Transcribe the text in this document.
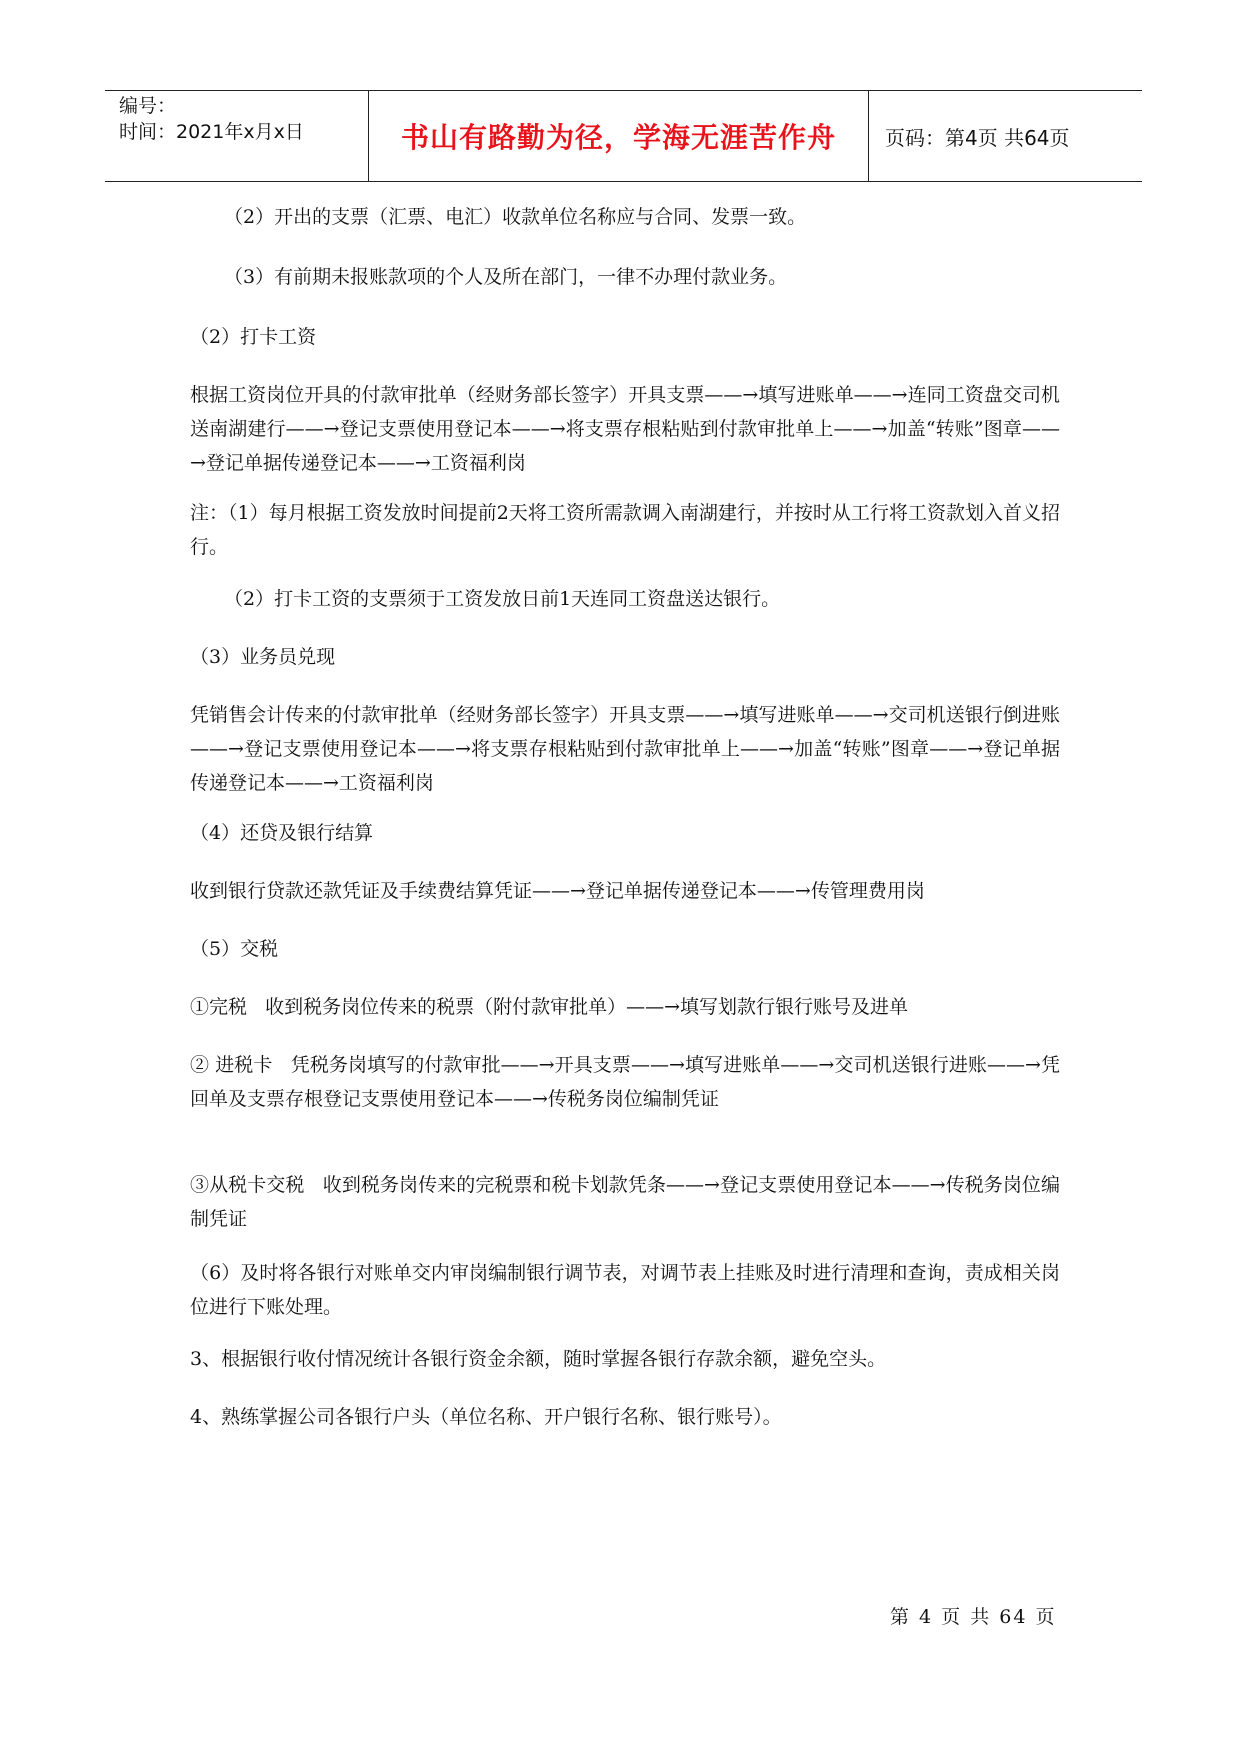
编号：
时间：2021年x月x日	书山有路勤为径，学海无涯苦作舟	页码：第4页 共64页

（2）开出的支票（汇票、电汇）收款单位名称应与合同、发票一致。

（3）有前期未报账款项的个人及所在部门，一律不办理付款业务。

（2）打卡工资

根据工资岗位开具的付款审批单（经财务部长签字）开具支票——→填写进账单——→连同工资盘交司机送南湖建行——→登记支票使用登记本——→将支票存根粘贴到付款审批单上——→加盖“转账”图章——→登记单据传递登记本——→工资福利岗

注：（1）每月根据工资发放时间提前2天将工资所需款调入南湖建行，并按时从工行将工资款划入首义招行。

（2）打卡工资的支票须于工资发放日前1天连同工资盘送达银行。

（3）业务员兑现

凭销售会计传来的付款审批单（经财务部长签字）开具支票——→填写进账单——→交司机送银行倒进账——→登记支票使用登记本——→将支票存根粘贴到付款审批单上——→加盖“转账”图章——→登记单据传递登记本——→工资福利岗

（4）还贷及银行结算

收到银行贷款还款凭证及手续费结算凭证——→登记单据传递登记本——→传管理费用岗

（5）交税

①完税   收到税务岗位传来的税票（附付款审批单）——→填写划款行银行账号及进单

② 进税卡   凭税务岗填写的付款审批——→开具支票——→填写进账单——→交司机送银行进账——→凭回单及支票存根登记支票使用登记本——→传税务岗位编制凭证

③从税卡交税   收到税务岗传来的完税票和税卡划款凭条——→登记支票使用登记本——→传税务岗位编制凭证

（6）及时将各银行对账单交内审岗编制银行调节表，对调节表上挂账及时进行清理和查询，责成相关岗位进行下账处理。

3、根据银行收付情况统计各银行资金余额，随时掌握各银行存款余额，避免空头。

4、熟练掌握公司各银行户头（单位名称、开户银行名称、银行账号）。

第 4 页 共 64 页
